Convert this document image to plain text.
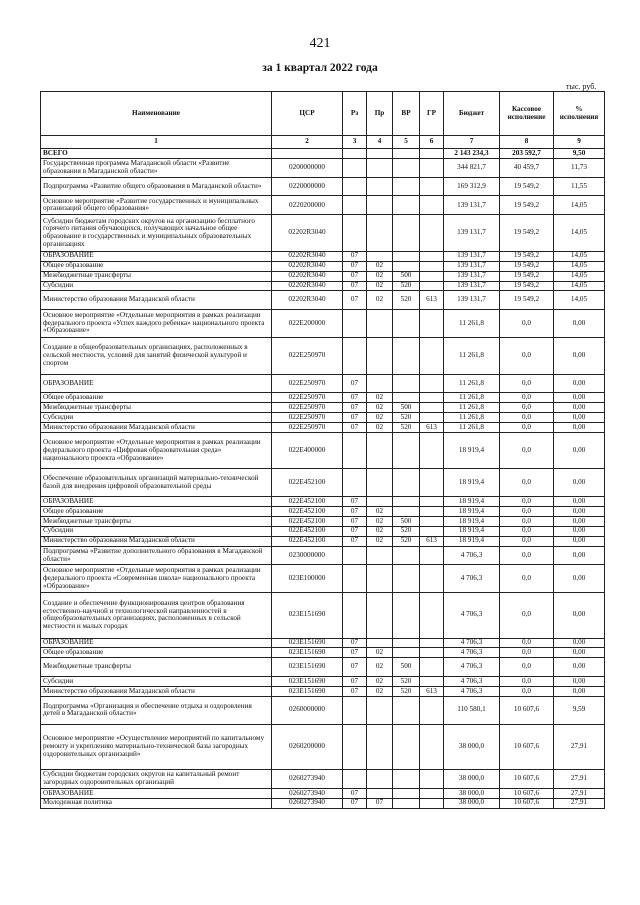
421
за 1 квартал 2022 года
тыс. руб.
Наименование	ЦСР	Рз	Пр	ВР	ГР	Бюджет	Кассовое исполнение	% исполнения
1	2	3	4	5	6	7	8	9
ВСЕГО						2 143 234,3	203 592,7	9,50
Государственная программа Магаданской области «Развитие образования в Магаданской области»	0200000000					344 821,7	40 459,7	11,73
Подпрограмма «Развитие общего образования в Магаданской области»	0220000000					169 312,9	19 549,2	11,55
Основное мероприятие «Развитие государственных и муниципальных организаций общего образования»	0220200000					139 131,7	19 549,2	14,05
Субсидии бюджетам городских округов на организацию бесплатного горячего питания обучающихся, получающих начальное общее образование в государственных и муниципальных образовательных организациях	02202R3040					139 131,7	19 549,2	14,05
ОБРАЗОВАНИЕ	02202R3040	07				139 131,7	19 549,2	14,05
Общее образование	02202R3040	07	02			139 131,7	19 549,2	14,05
Межбюджетные трансферты	02202R3040	07	02	500		139 131,7	19 549,2	14,05
Субсидии	02202R3040	07	02	520		139 131,7	19 549,2	14,05
Министерство образования Магаданской области	02202R3040	07	02	520	613	139 131,7	19 549,2	14,05
Основное мероприятие «Отдельные мероприятия в рамках реализации федерального проекта «Успех каждого ребенка» национального проекта «Образование»	022E200000					11 261,8	0,0	0,00
Создание в общеобразовательных организациях, расположенных в сельской местности, условий для занятий физической культурой и спортом	022E250970					11 261,8	0,0	0,00
ОБРАЗОВАНИЕ	022E250970	07				11 261,8	0,0	0,00
Общее образование	022E250970	07	02			11 261,8	0,0	0,00
Межбюджетные трансферты	022E250970	07	02	500		11 261,8	0,0	0,00
Субсидии	022E250970	07	02	520		11 261,8	0,0	0,00
Министерство образования Магаданской области	022E250970	07	02	520	613	11 261,8	0,0	0,00
Основное мероприятие «Отдельные мероприятия в рамках реализации федерального проекта «Цифровая образовательная среда» национального проекта «Образование»	022E400000					18 919,4	0,0	0,00
Обеспечение образовательных организаций материально-технической базой для внедрения цифровой образовательной среды	022E452100					18 919,4	0,0	0,00
ОБРАЗОВАНИЕ	022E452100	07				18 919,4	0,0	0,00
Общее образование	022E452100	07	02			18 919,4	0,0	0,00
Межбюджетные трансферты	022E452100	07	02	500		18 919,4	0,0	0,00
Субсидии	022E452100	07	02	520		18 919,4	0,0	0,00
Министерство образования Магаданской области	022E452100	07	02	520	613	18 919,4	0,0	0,00
Подпрограмма «Развитие дополнительного образования в Магаданской области»	0230000000					4 706,3	0,0	0,00
Основное мероприятие «Отдельные мероприятия в рамках реализации федерального проекта «Современная школа» национального проекта «Образование»	023E100000					4 706,3	0,0	0,00
Создание и обеспечение функционирования центров образования естественно-научной и технологической направленностей в общеобразовательных организациях, расположенных в сельской местности и малых городах	023E151690					4 706,3	0,0	0,00
ОБРАЗОВАНИЕ	023E151690	07				4 706,3	0,0	0,00
Общее образование	023E151690	07	02			4 706,3	0,0	0,00
Межбюджетные трансферты	023E151690	07	02	500		4 706,3	0,0	0,00
Субсидии	023E151690	07	02	520		4 706,3	0,0	0,00
Министерство образования Магаданской области	023E151690	07	02	520	613	4 706,3	0,0	0,00
Подпрограмма «Организация и обеспечение отдыха и оздоровления детей в Магаданской области»	0260000000					110 580,1	10 607,6	9,59
Основное мероприятие «Осуществление мероприятий по капитальному ремонту и укреплению материально-технической базы загородных оздоровительных организаций»	0260200000					38 000,0	10 607,6	27,91
Субсидии бюджетам городских округов на капитальный ремонт загородных оздоровительных организаций	0260273940					38 000,0	10 607,6	27,91
ОБРАЗОВАНИЕ	0260273940	07				38 000,0	10 607,6	27,91
Молодежная политика	0260273940	07	07			38 000,0	10 607,6	27,91
